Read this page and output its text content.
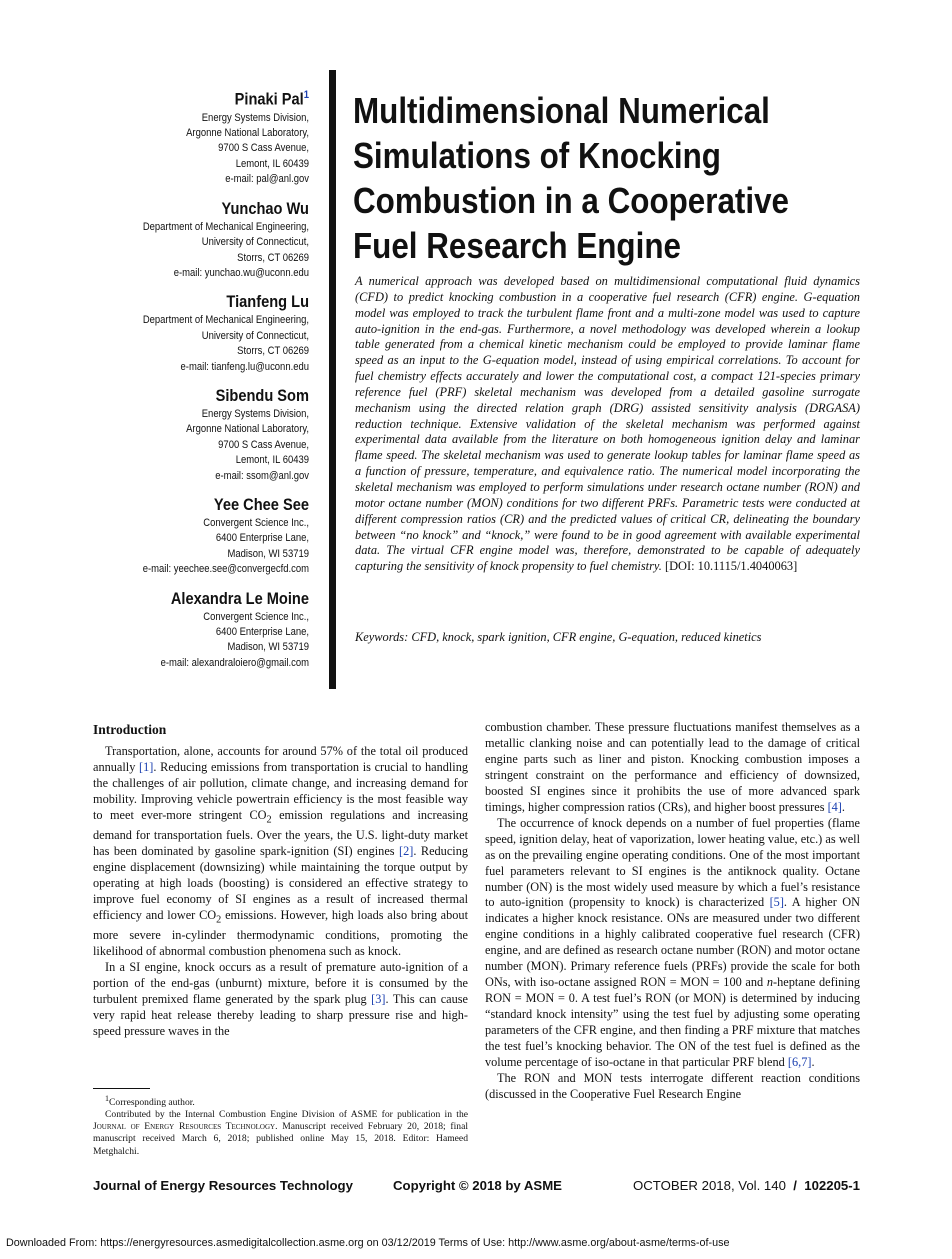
Pinaki Pal$^1$
Energy Systems Division,
Argonne National Laboratory,
9700 S Cass Avenue,
Lemont, IL 60439
e-mail: pal@anl.gov
Yunchao Wu
Department of Mechanical Engineering,
University of Connecticut,
Storrs, CT 06269
e-mail: yunchao.wu@uconn.edu
Tianfeng Lu
Department of Mechanical Engineering,
University of Connecticut,
Storrs, CT 06269
e-mail: tianfeng.lu@uconn.edu
Sibendu Som
Energy Systems Division,
Argonne National Laboratory,
9700 S Cass Avenue,
Lemont, IL 60439
e-mail: ssom@anl.gov
Yee Chee See
Convergent Science Inc.,
6400 Enterprise Lane,
Madison, WI 53719
e-mail: yeechee.see@convergecfd.com
Alexandra Le Moine
Convergent Science Inc.,
6400 Enterprise Lane,
Madison, WI 53719
e-mail: alexandraloiero@gmail.com
Multidimensional Numerical
Simulations of Knocking
Combustion in a Cooperative
Fuel Research Engine
A numerical approach was developed based on multidimensional computational fluid dynamics (CFD) to predict knocking combustion in a cooperative fuel research (CFR) engine. G-equation model was employed to track the turbulent flame front and a multi-zone model was used to capture auto-ignition in the end-gas. Furthermore, a novel methodology was developed wherein a lookup table generated from a chemical kinetic mechanism could be employed to provide laminar flame speed as an input to the G-equation model, instead of using empirical correlations. To account for fuel chemistry effects accurately and lower the computational cost, a compact 121-species primary reference fuel (PRF) skeletal mechanism was developed from a detailed gasoline surrogate mechanism using the directed relation graph (DRG) assisted sensitivity analysis (DRGASA) reduction technique. Extensive validation of the skeletal mechanism was performed against experimental data available from the literature on both homogeneous ignition delay and laminar flame speed. The skeletal mechanism was used to generate lookup tables for laminar flame speed as a function of pressure, temperature, and equivalence ratio. The numerical model incorporating the skeletal mechanism was employed to perform simulations under research octane number (RON) and motor octane number (MON) conditions for two different PRFs. Parametric tests were conducted at different compression ratios (CR) and the predicted values of critical CR, delineating the boundary between “no knock” and “knock,” were found to be in good agreement with available experimental data. The virtual CFR engine model was, therefore, demonstrated to be capable of adequately capturing the sensitivity of knock propensity to fuel chemistry. [DOI: 10.1115/1.4040063]
Keywords: CFD, knock, spark ignition, CFR engine, G-equation, reduced kinetics
Introduction

Transportation, alone, accounts for around 57% of the total oil produced annually [1]. Reducing emissions from transportation is crucial to handling the challenges of air pollution, climate change, and increasing demand for mobility. Improving vehicle powertrain efficiency is the most feasible way to meet ever-more stringent $CO_2$ emission regulations and increasing demand for transportation fuels. Over the years, the U.S. light-duty market has been dominated by gasoline spark-ignition (SI) engines [2]. Reducing engine displacement (downsizing) while maintaining the torque output by operating at high loads (boosting) is considered an effective strategy to improve fuel economy of SI engines as a result of increased thermal efficiency and lower $CO_2$ emissions. However, high loads also bring about more severe in-cylinder thermodynamic conditions, promoting the likelihood of abnormal combustion phenomena such as knock.

In a SI engine, knock occurs as a result of premature auto-ignition of a portion of the end-gas (unburnt) mixture, before it is consumed by the turbulent premixed flame generated by the spark plug [3]. This can cause very rapid heat release thereby leading to sharp pressure rise and high-speed pressure waves in the

combustion chamber. These pressure fluctuations manifest themselves as a metallic clanking noise and can potentially lead to the damage of critical engine parts such as liner and piston. Knocking combustion imposes a stringent constraint on the performance and efficiency of downsized, boosted SI engines since it prohibits the use of more advanced spark timings, higher compression ratios (CRs), and higher boost pressures [4].

The occurrence of knock depends on a number of fuel properties (flame speed, ignition delay, heat of vaporization, lower heating value, etc.) as well as on the prevailing engine operating conditions. One of the most important fuel parameters relevant to SI engines is the antiknock quality. Octane number (ON) is the most widely used measure by which a fuel’s resistance to auto-ignition (propensity to knock) is characterized [5]. A higher ON indicates a higher knock resistance. ONs are measured under two different engine conditions in a highly calibrated cooperative fuel research (CFR) engine, and are defined as research octane number (RON) and motor octane number (MON). Primary reference fuels (PRFs) provide the scale for both ONs, with iso-octane assigned RON = MON = 100 and n-heptane defining RON = MON = 0. A test fuel’s RON (or MON) is determined by inducing “standard knock intensity” using the test fuel by adjusting some operating parameters of the CFR engine, and then finding a PRF mixture that matches the test fuel’s knocking behavior. The ON of the test fuel is defined as the volume percentage of iso-octane in that particular PRF blend [6,7].

The RON and MON tests interrogate different reaction conditions (discussed in the Cooperative Fuel Research Engine

$^1$Corresponding author.

Contributed by the Internal Combustion Engine Division of ASME for publication in the Journal of Energy Resources Technology. Manuscript received February 20, 2018; final manuscript received March 6, 2018; published online May 15, 2018. Editor: Hameed Metghalchi.

Journal of Energy Resources Technology	Copyright © 2018 by ASME	OCTOBER 2018, Vol. 140 / 102205-1
Downloaded From: https://energyresources.asmedigitalcollection.asme.org on 03/12/2019 Terms of Use: http://www.asme.org/about-asme/terms-of-use
